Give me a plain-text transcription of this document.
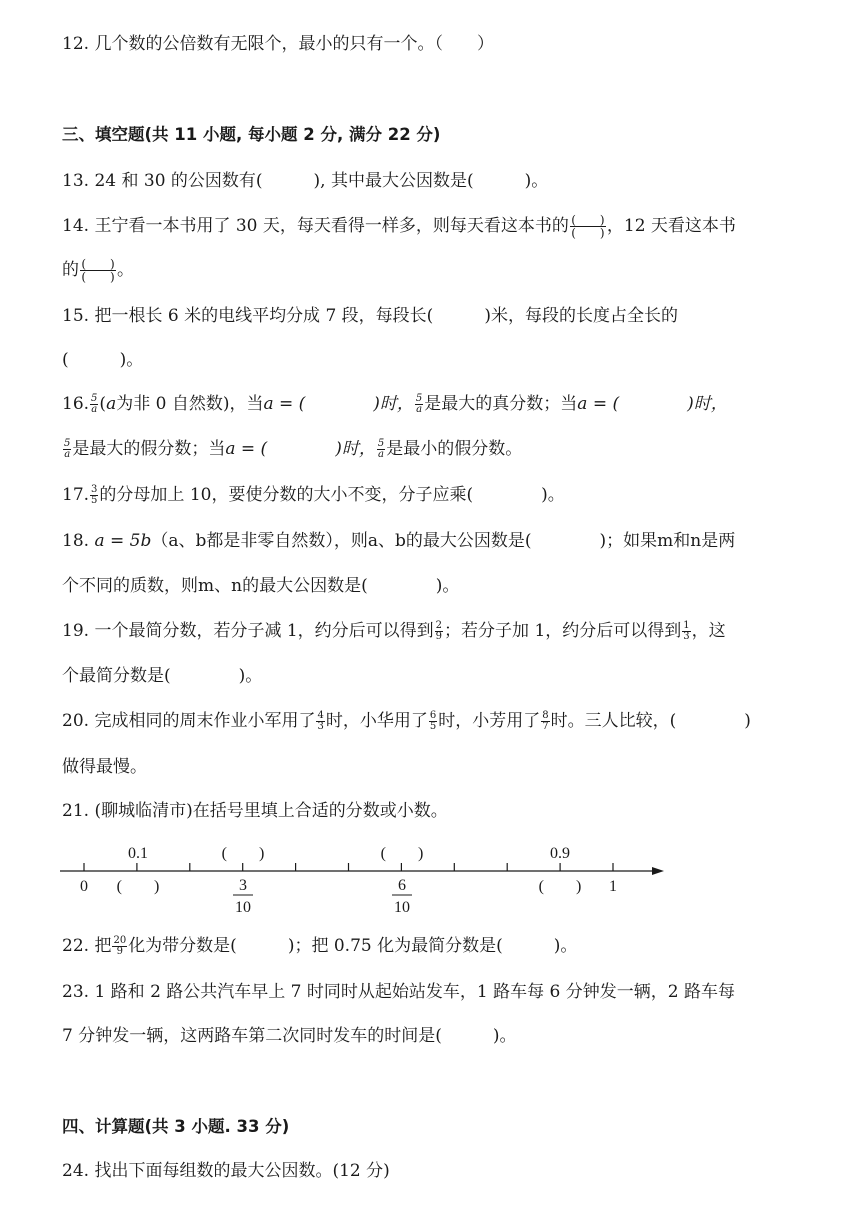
12. 几个数的公倍数有无限个，最小的只有一个。（　　）
三、填空题(共 11 小题, 每小题 2 分, 满分 22 分)
13. 24 和 30 的公因数有(　　　), 其中最大公因数是(　　　)。
14. 王宁看一本书用了 30 天，每天看得一样多，则每天看这本书的 $\frac{( )}{( )}$ ，12 天看这本书
的 $\frac{( )}{( )}$ 。
15. 把一根长 6 米的电线平均分成 7 段，每段长(　　　)米，每段的长度占全长的
(　　　)。
16. $\frac{5}{a} (a$为非 0 自然数)，当a = (　　　　)时， $\frac{5}{a}$ 是最大的真分数；当a = (　　　　)时，
$\frac{5}{a}$ 是最大的假分数；当a = (　　　　)时， $\frac{5}{a}$ 是最小的假分数。
17. $\frac{3}{5}$ 的分母加上 10，要使分数的大小不变，分子应乘(　　　　)。
18. a = 5b（a、b都是非零自然数），则a、b的最大公因数是(　　　　)；如果m和n是两
个不同的质数，则m、n的最大公因数是(　　　　)。
19. 一个最简分数，若分子减 1，约分后可以得到 $\frac{2}{9}$ ；若分子加 1，约分后可以得到 $\frac{1}{3}$ ，这
个最简分数是(　　　　)。
20. 完成相同的周末作业小军用了 $\frac{4}{3}$ 时，小华用了 $\frac{6}{5}$ 时，小芳用了 $\frac{8}{7}$ 时。三人比较，(　　　　)
做得最慢。
21. (聊城临清市)在括号里填上合适的分数或小数。
0.1	(　　)	(　　)	0.9
0 (　　)	(　　) 1
3
10
6
10
22. 把 $\frac{20}{9}$ 化为带分数是(　　　)；把 0.75 化为最简分数是(　　　)。
23. 1 路和 2 路公共汽车早上 7 时同时从起始站发车，1 路车每 6 分钟发一辆，2 路车每
7 分钟发一辆，这两路车第二次同时发车的时间是(　　　)。
四、计算题(共 3 小题. 33 分)
24. 找出下面每组数的最大公因数。(12 分)
